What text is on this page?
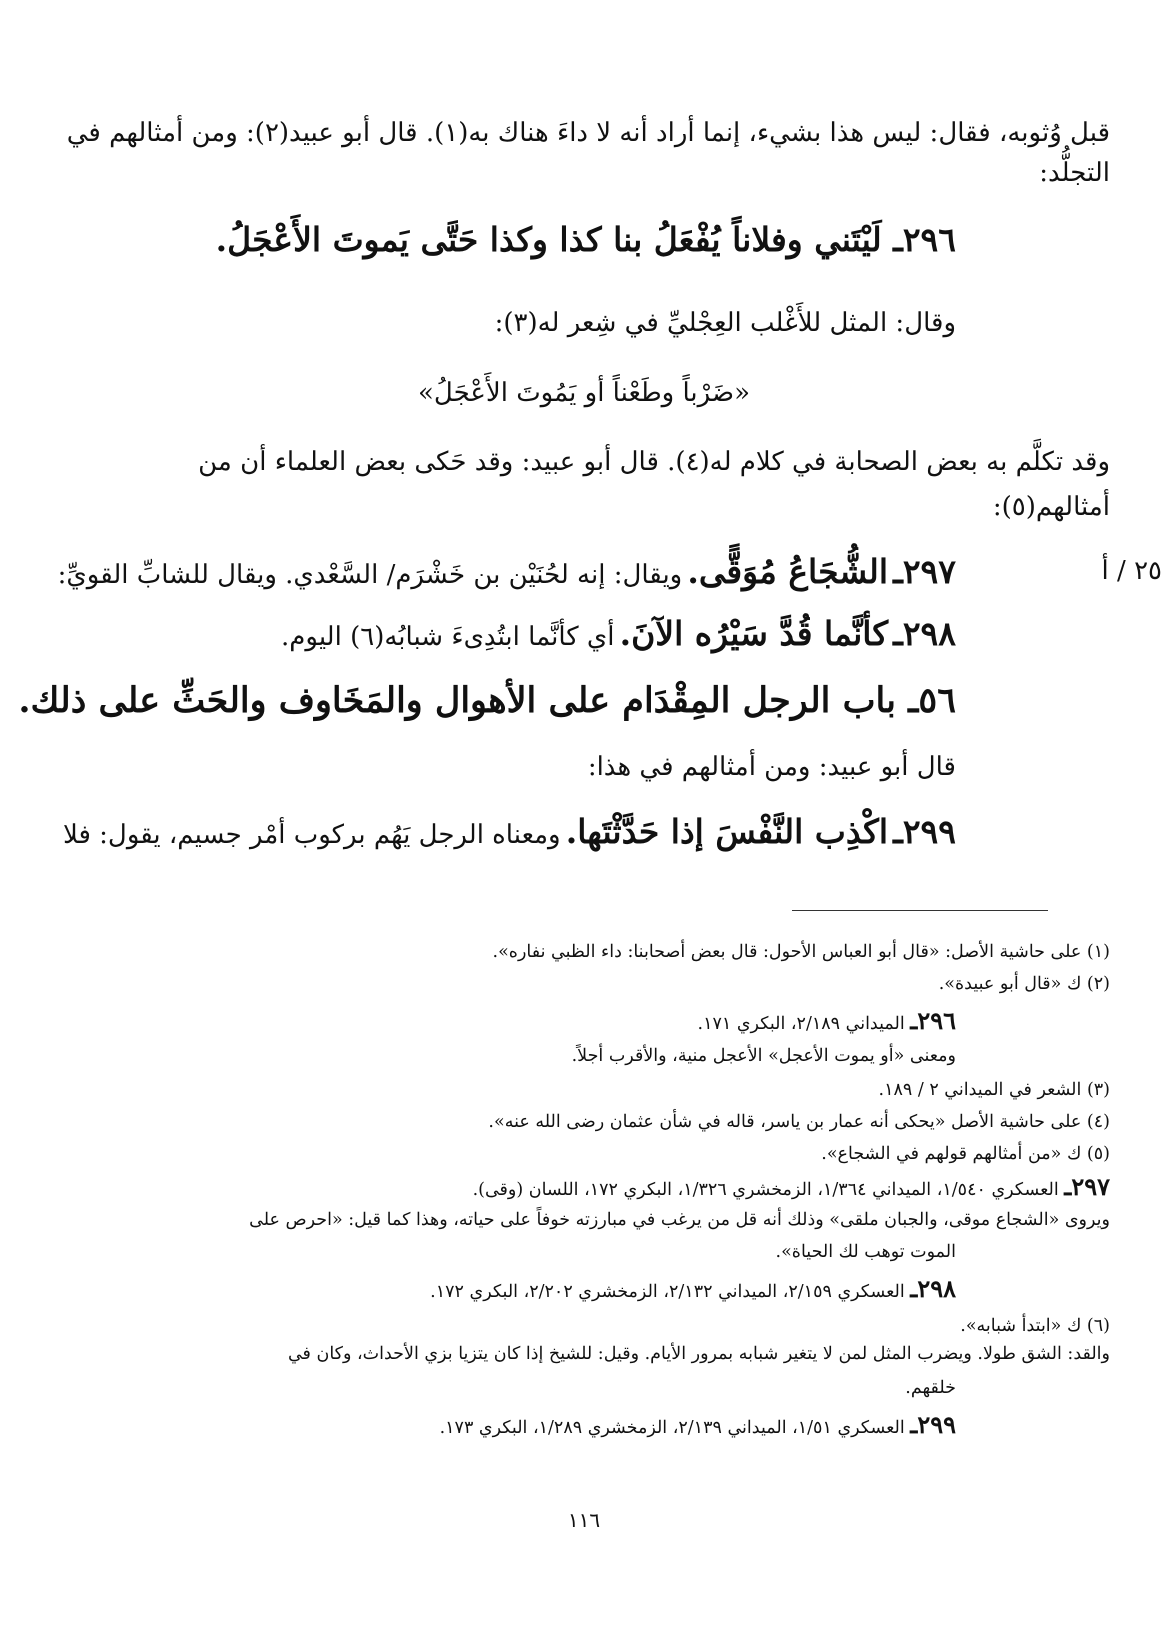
قبل وُثوبه، فقال: ليس هذا بشيء، إنما أراد أنه لا داءَ هناك به(١). قال أبو عبيد(٢): ومن أمثالهم في
التجلُّد:
٢٩٦ـ لَيْتَني وفلاناً يُفْعَلُ بنا كذا وكذا حَتَّى يَموتَ الأَعْجَلُ.
وقال: المثل للأَغْلب العِجْليِّ في شِعر له(٣):
«ضَرْباً وطَعْناً أو يَمُوتَ الأَعْجَلُ»
وقد تكلَّم به بعض الصحابة في كلام له(٤). قال أبو عبيد: وقد حَكى بعض العلماء أن من
أمثالهم(٥):
٢٥ / أ
٢٩٧ـ الشُّجَاعُ مُوَقًّى. ويقال: إنه لحُنَيْن بن خَشْرَم/ السَّعْدي. ويقال للشابِّ القويِّ:
٢٩٨ـ كأنَّما قُدَّ سَيْرُه الآنَ. أي كأنَّما ابتُدِىءَ شبابُه(٦) اليوم.
٥٦ـ باب الرجل المِقْدَام على الأهوال والمَخَاوف والحَثِّ على ذلك.
قال أبو عبيد: ومن أمثالهم في هذا:
٢٩٩ـ اكْذِب النَّفْسَ إذا حَدَّثْتَها. ومعناه الرجل يَهُم بركوب أمْر جسيم، يقول: فلا
(١) على حاشية الأصل: «قال أبو العباس الأحول: قال بعض أصحابنا: داء الظبي نفاره».
(٢) ك «قال أبو عبيدة».
٢٩٦ـ الميداني ٢/١٨٩، البكري ١٧١.
ومعنى «أو يموت الأعجل» الأعجل منية، والأقرب أجلاً.
(٣) الشعر في الميداني ٢ / ١٨٩.
(٤) على حاشية الأصل «يحكى أنه عمار بن ياسر، قاله في شأن عثمان رضى الله عنه».
(٥) ك «من أمثالهم قولهم في الشجاع».
٢٩٧ـ العسكري ١/٥٤٠، الميداني ١/٣٦٤، الزمخشري ١/٣٢٦، البكري ١٧٢، اللسان (وقى).
ويروى «الشجاع موقى، والجبان ملقى» وذلك أنه قل من يرغب في مبارزته خوفاً على حياته، وهذا كما قيل: «احرص على
الموت توهب لك الحياة».
٢٩٨ـ العسكري ٢/١٥٩، الميداني ٢/١٣٢، الزمخشري ٢/٢٠٢، البكري ١٧٢.
(٦) ك «ابتدأ شبابه».
والقد: الشق طولا. ويضرب المثل لمن لا يتغير شبابه بمرور الأيام. وقيل: للشيخ إذا كان يتزيا بزي الأحداث، وكان في
خلقهم.
٢٩٩ـ العسكري ١/٥١، الميداني ٢/١٣٩، الزمخشري ١/٢٨٩، البكري ١٧٣.
١١٦
